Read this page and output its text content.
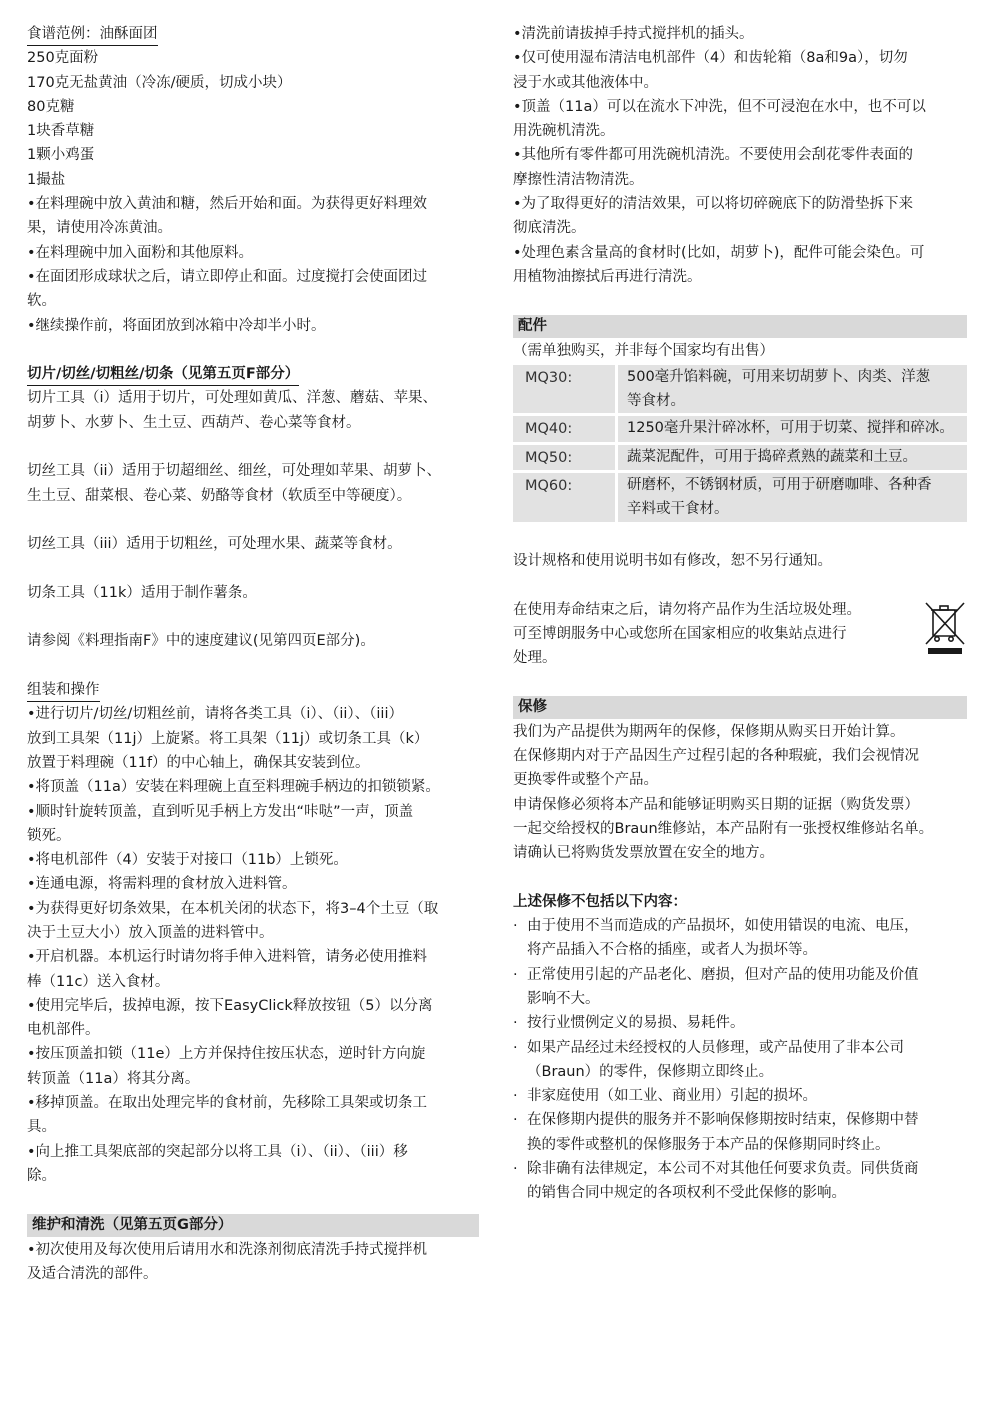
食谱范例：油酥面团
250克面粉
170克无盐黄油（冷冻/硬质，切成小块）
80克糖
1块香草糖
1颗小鸡蛋
1撮盐
•在料理碗中放入黄油和糖，然后开始和面。为获得更好料理效
果，请使用冷冻黄油。
•在料理碗中加入面粉和其他原料。
•在面团形成球状之后，请立即停止和面。过度搅打会使面团过
软。
•继续操作前，将面团放到冰箱中冷却半小时。
切片/切丝/切粗丝/切条（见第五页F部分）
切片工具（i）适用于切片，可处理如黄瓜、洋葱、蘑菇、苹果、
胡萝卜、水萝卜、生土豆、西葫芦、卷心菜等食材。
切丝工具（ii）适用于切超细丝、细丝，可处理如苹果、胡萝卜、
生土豆、甜菜根、卷心菜、奶酪等食材（软质至中等硬度）。
切丝工具（iii）适用于切粗丝，可处理水果、蔬菜等食材。
切条工具（11k）适用于制作薯条。
请参阅《料理指南F》中的速度建议(见第四页E部分)。
组装和操作
•进行切片/切丝/切粗丝前，请将各类工具（i）、（ii）、（iii）
放到工具架（11j）上旋紧。将工具架（11j）或切条工具（k）
放置于料理碗（11f）的中心轴上，确保其安装到位。
•将顶盖（11a）安装在料理碗上直至料理碗手柄边的扣锁锁紧。
•顺时针旋转顶盖，直到听见手柄上方发出“咔哒”一声，顶盖
锁死。
•将电机部件（4）安装于对接口（11b）上锁死。
•连通电源，将需料理的食材放入进料管。
•为获得更好切条效果，在本机关闭的状态下，将3–4个土豆（取
决于土豆大小）放入顶盖的进料管中。
•开启机器。本机运行时请勿将手伸入进料管，请务必使用推料
棒（11c）送入食材。
•使用完毕后，拔掉电源，按下EasyClick释放按钮（5）以分离
电机部件。
•按压顶盖扣锁（11e）上方并保持住按压状态，逆时针方向旋
转顶盖（11a）将其分离。
•移掉顶盖。在取出处理完毕的食材前，先移除工具架或切条工
具。
•向上推工具架底部的突起部分以将工具（i）、（ii）、（iii）移
除。
维护和清洗（见第五页G部分）
•初次使用及每次使用后请用水和洗涤剂彻底清洗手持式搅拌机
及适合清洗的部件。
•清洗前请拔掉手持式搅拌机的插头。
•仅可使用湿布清洁电机部件（4）和齿轮箱（8a和9a），切勿
浸于水或其他液体中。
•顶盖（11a）可以在流水下冲洗，但不可浸泡在水中，也不可以
用洗碗机清洗。
•其他所有零件都可用洗碗机清洗。不要使用会刮花零件表面的
摩擦性清洁物清洗。
•为了取得更好的清洁效果，可以将切碎碗底下的防滑垫拆下来
彻底清洗。
•处理色素含量高的食材时(比如，胡萝卜)，配件可能会染色。可
用植物油擦拭后再进行清洗。
配件
（需单独购买，并非每个国家均有出售）
MQ30:	500毫升馅料碗，可用来切胡萝卜、肉类、洋葱
等食材。

MQ40:	1250毫升果汁碎冰杯，可用于切菜、搅拌和碎冰。

MQ50:	蔬菜泥配件，可用于捣碎煮熟的蔬菜和土豆。

MQ60:	研磨杯，不锈钢材质，可用于研磨咖啡、各种香
辛料或干食材。
设计规格和使用说明书如有修改，恕不另行通知。
在使用寿命结束之后，请勿将产品作为生活垃圾处理。
可至博朗服务中心或您所在国家相应的收集站点进行
处理。
保修
我们为产品提供为期两年的保修，保修期从购买日开始计算。
在保修期内对于产品因生产过程引起的各种瑕疵，我们会视情况
更换零件或整个产品。
申请保修必须将本产品和能够证明购买日期的证据（购货发票）
一起交给授权的Braun维修站，本产品附有一张授权维修站名单。
请确认已将购货发票放置在安全的地方。
上述保修不包括以下内容：
· 由于使用不当而造成的产品损坏，如使用错误的电流、电压，
将产品插入不合格的插座，或者人为损坏等。
· 正常使用引起的产品老化、磨损，但对产品的使用功能及价值
影响不大。
· 按行业惯例定义的易损、易耗件。
· 如果产品经过未经授权的人员修理，或产品使用了非本公司
（Braun）的零件，保修期立即终止。
· 非家庭使用（如工业、商业用）引起的损坏。
· 在保修期内提供的服务并不影响保修期按时结束，保修期中替
换的零件或整机的保修服务于本产品的保修期同时终止。
· 除非确有法律规定，本公司不对其他任何要求负责。同供货商
的销售合同中规定的各项权利不受此保修的影响。
